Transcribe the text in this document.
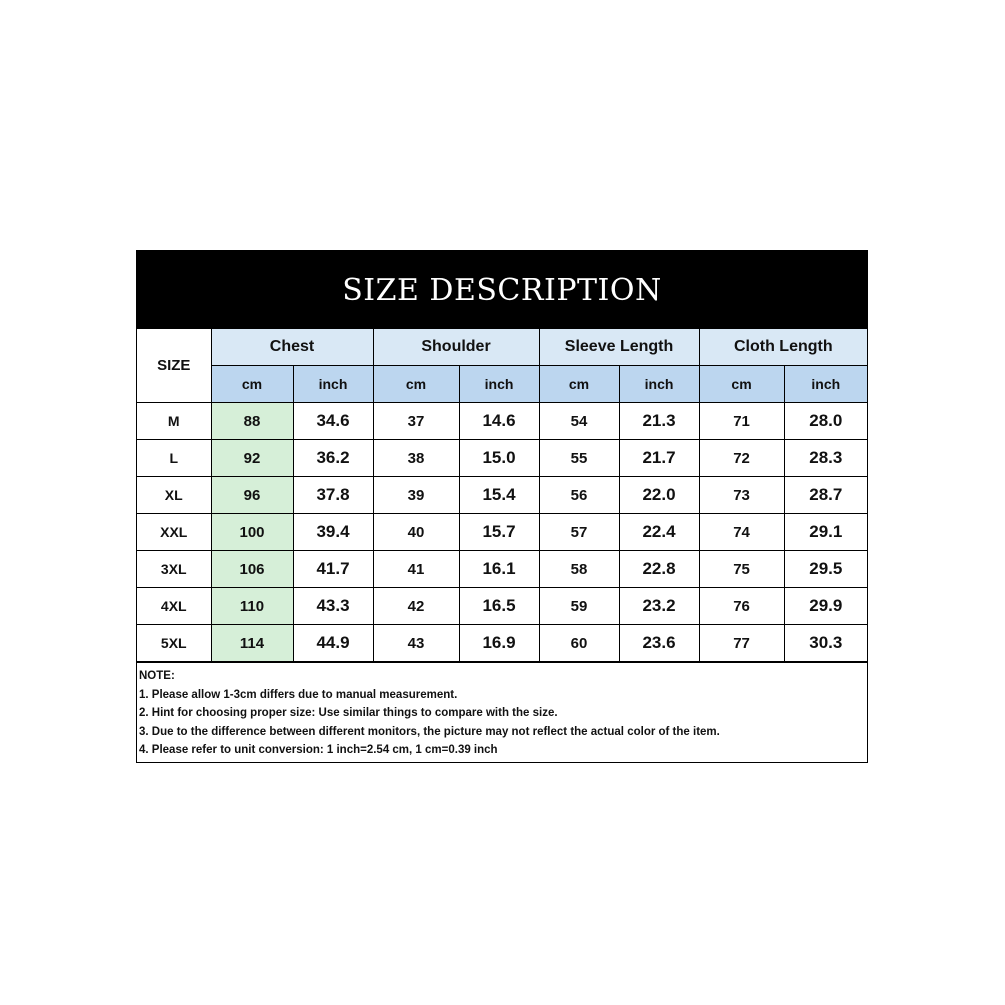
SIZE DESCRIPTION
SIZE	Chest		Shoulder		Sleeve Length		Cloth Length	
	cm	inch	cm	inch	cm	inch	cm	inch
M	88	34.6	37	14.6	54	21.3	71	28.0
L	92	36.2	38	15.0	55	21.7	72	28.3
XL	96	37.8	39	15.4	56	22.0	73	28.7
XXL	100	39.4	40	15.7	57	22.4	74	29.1
3XL	106	41.7	41	16.1	58	22.8	75	29.5
4XL	110	43.3	42	16.5	59	23.2	76	29.9
5XL	114	44.9	43	16.9	60	23.6	77	30.3
NOTE:
1. Please allow 1-3cm differs due to manual measurement.
2. Hint for choosing proper size: Use similar things to compare with the size.
3. Due to the difference between different monitors, the picture may not reflect the actual color of the item.
4. Please refer to unit conversion: 1 inch=2.54 cm, 1 cm=0.39 inch
